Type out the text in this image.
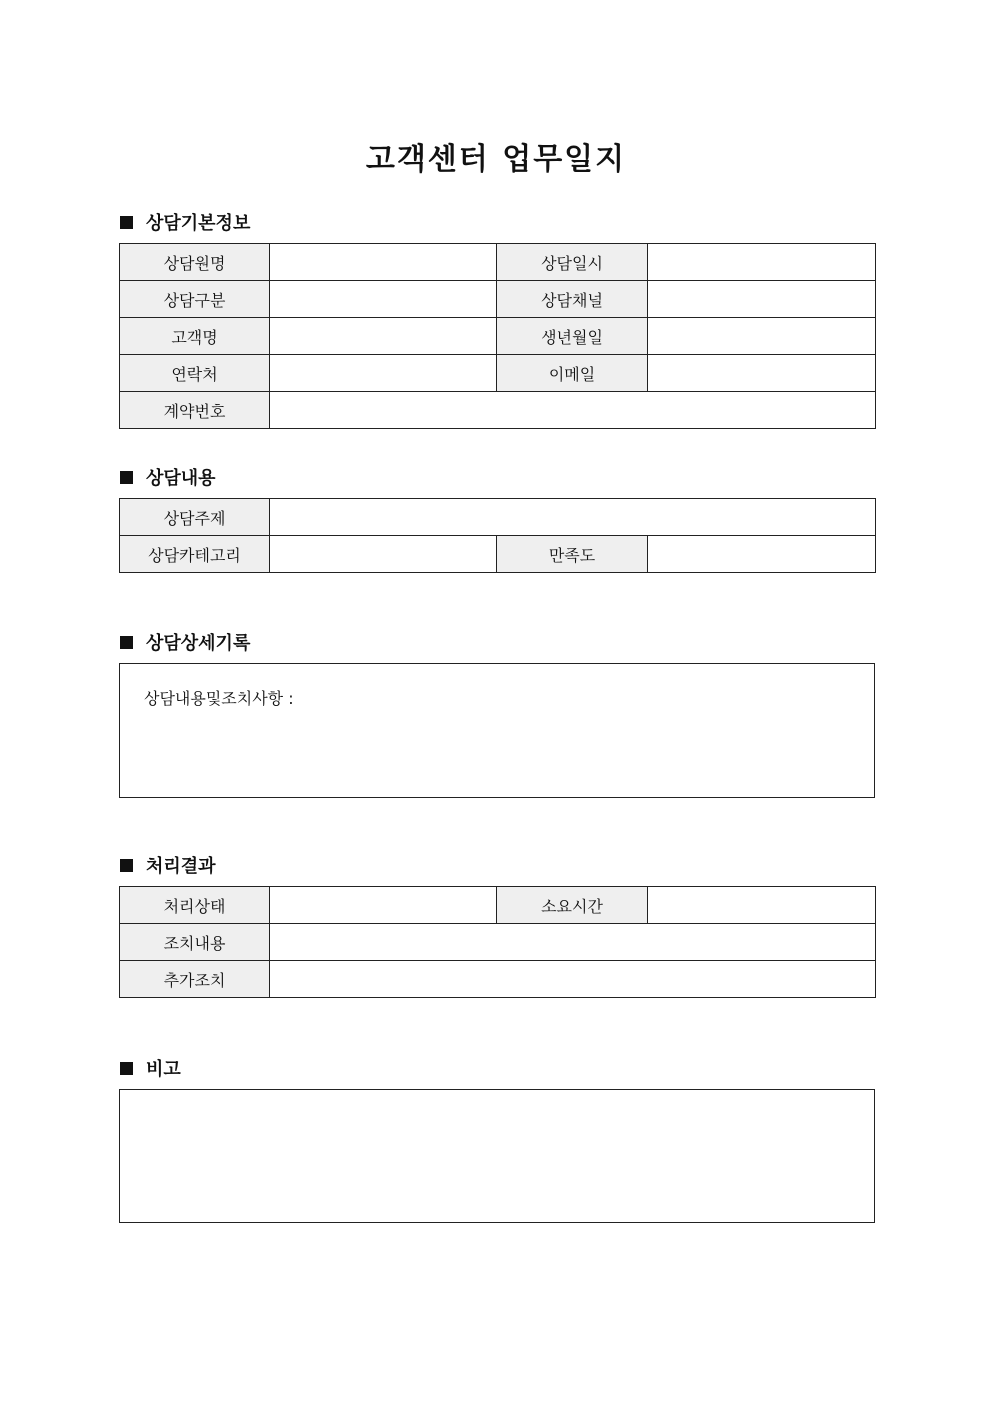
고객센터 업무일지
상담기본정보
상담원명		상담일시	
상담구분		상담채널	
고객명		생년월일	
연락처		이메일	
계약번호			
상담내용
상담주제			
상담카테고리		만족도	
상담상세기록
상담내용및조치사항 :
처리결과
처리상태		소요시간	
조치내용			
추가조치			
비고
